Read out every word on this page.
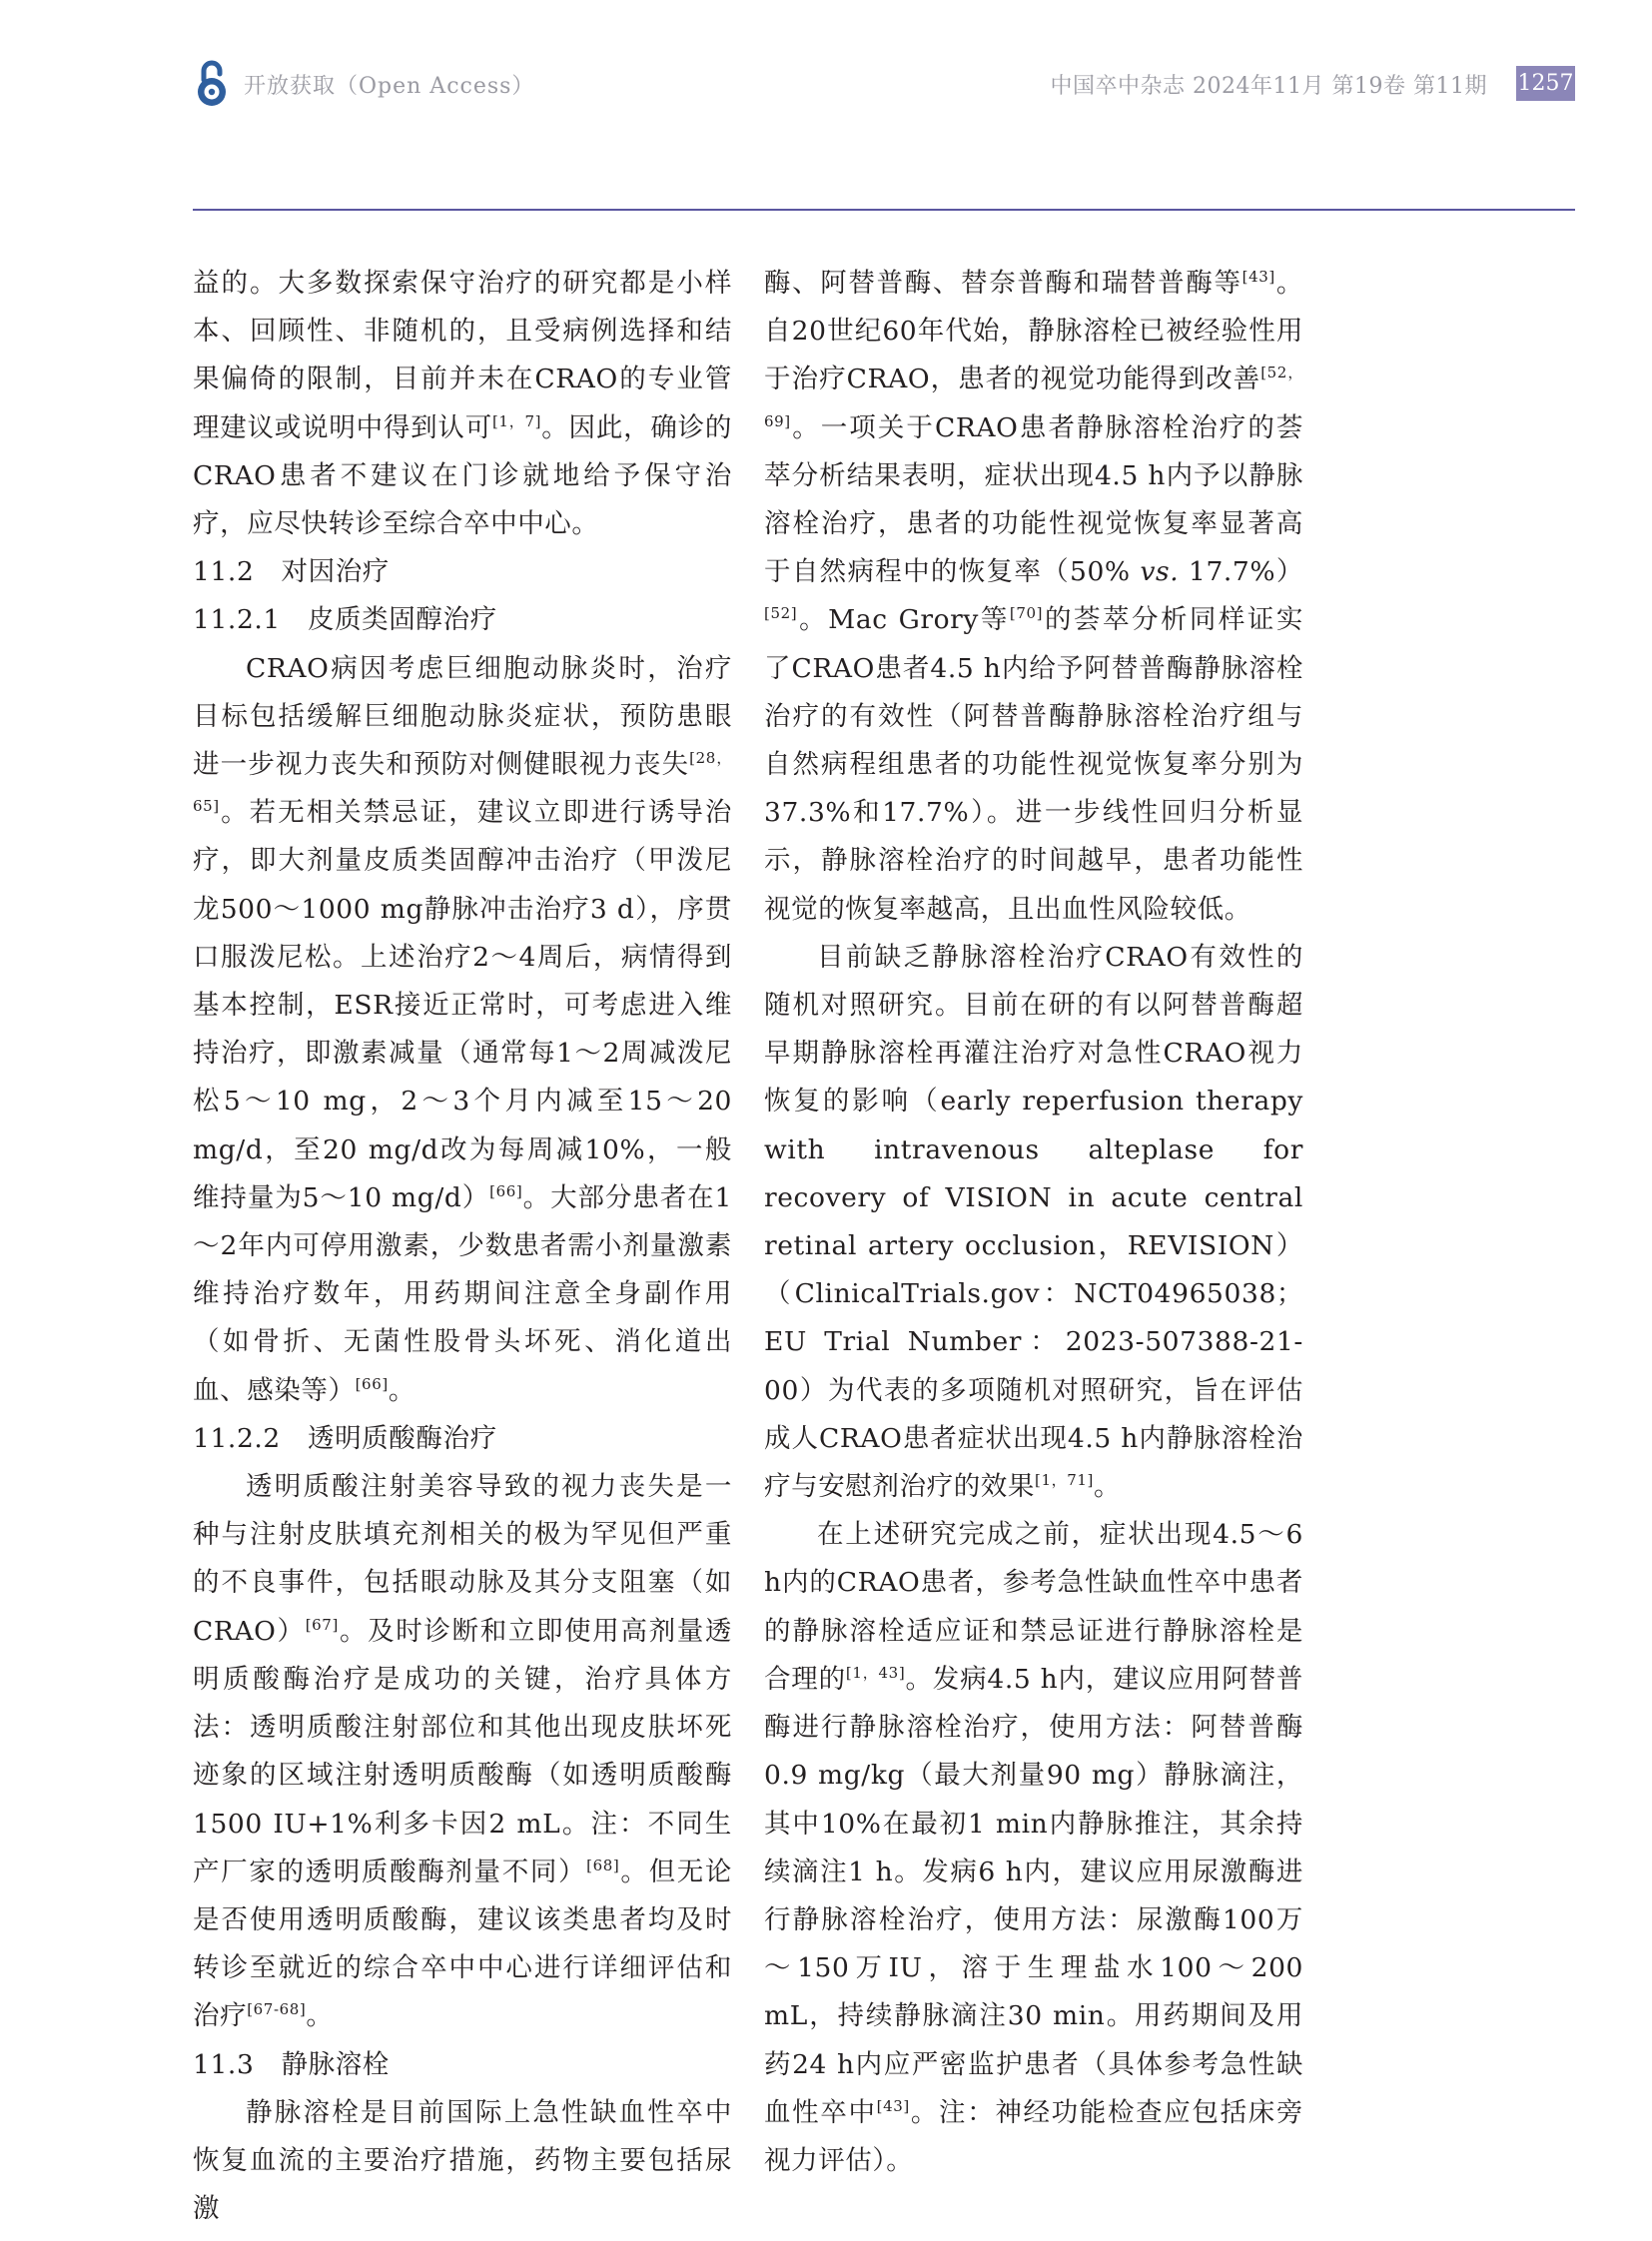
开放获取（Open Access）	中国卒中杂志 2024年11月 第19卷 第11期 1257

益的。大多数探索保守治疗的研究都是小样本、回顾性、非随机的，且受病例选择和结果偏倚的限制，目前并未在CRAO的专业管理建议或说明中得到认可[1，7]。因此，确诊的CRAO患者不建议在门诊就地给予保守治疗，应尽快转诊至综合卒中中心。

11.2　对因治疗

11.2.1　皮质类固醇治疗

CRAO病因考虑巨细胞动脉炎时，治疗目标包括缓解巨细胞动脉炎症状，预防患眼进一步视力丧失和预防对侧健眼视力丧失[28，65]。若无相关禁忌证，建议立即进行诱导治疗，即大剂量皮质类固醇冲击治疗（甲泼尼龙500～1000 mg静脉冲击治疗3 d），序贯口服泼尼松。上述治疗2～4周后，病情得到基本控制，ESR接近正常时，可考虑进入维持治疗，即激素减量（通常每1～2周减泼尼松5～10 mg，2～3个月内减至15～20 mg/d，至20 mg/d改为每周减10%，一般维持量为5～10 mg/d）[66]。大部分患者在1～2年内可停用激素，少数患者需小剂量激素维持治疗数年，用药期间注意全身副作用（如骨折、无菌性股骨头坏死、消化道出血、感染等）[66]。

11.2.2　透明质酸酶治疗

透明质酸注射美容导致的视力丧失是一种与注射皮肤填充剂相关的极为罕见但严重的不良事件，包括眼动脉及其分支阻塞（如CRAO）[67]。及时诊断和立即使用高剂量透明质酸酶治疗是成功的关键，治疗具体方法：透明质酸注射部位和其他出现皮肤坏死迹象的区域注射透明质酸酶（如透明质酸酶1500 IU+1%利多卡因2 mL。注：不同生产厂家的透明质酸酶剂量不同）[68]。但无论是否使用透明质酸酶，建议该类患者均及时转诊至就近的综合卒中中心进行详细评估和治疗[67-68]。

11.3　静脉溶栓

静脉溶栓是目前国际上急性缺血性卒中恢复血流的主要治疗措施，药物主要包括尿激

酶、阿替普酶、替奈普酶和瑞替普酶等[43]。自20世纪60年代始，静脉溶栓已被经验性用于治疗CRAO，患者的视觉功能得到改善[52，69]。一项关于CRAO患者静脉溶栓治疗的荟萃分析结果表明，症状出现4.5 h内予以静脉溶栓治疗，患者的功能性视觉恢复率显著高于自然病程中的恢复率（50% vs. 17.7%）[52]。Mac Grory等[70]的荟萃分析同样证实了CRAO患者4.5 h内给予阿替普酶静脉溶栓治疗的有效性（阿替普酶静脉溶栓治疗组与自然病程组患者的功能性视觉恢复率分别为37.3%和17.7%）。进一步线性回归分析显示，静脉溶栓治疗的时间越早，患者功能性视觉的恢复率越高，且出血性风险较低。

目前缺乏静脉溶栓治疗CRAO有效性的随机对照研究。目前在研的有以阿替普酶超早期静脉溶栓再灌注治疗对急性CRAO视力恢复的影响（early reperfusion therapy with intravenous alteplase for recovery of VISION in acute central retinal artery occlusion，REVISION）（ClinicalTrials.gov：NCT04965038；EU Trial Number：2023-507388-21-00）为代表的多项随机对照研究，旨在评估成人CRAO患者症状出现4.5 h内静脉溶栓治疗与安慰剂治疗的效果[1，71]。

在上述研究完成之前，症状出现4.5～6 h内的CRAO患者，参考急性缺血性卒中患者的静脉溶栓适应证和禁忌证进行静脉溶栓是合理的[1，43]。发病4.5 h内，建议应用阿替普酶进行静脉溶栓治疗，使用方法：阿替普酶0.9 mg/kg（最大剂量90 mg）静脉滴注，其中10%在最初1 min内静脉推注，其余持续滴注1 h。发病6 h内，建议应用尿激酶进行静脉溶栓治疗，使用方法：尿激酶100万～150万IU，溶于生理盐水100～200 mL，持续静脉滴注30 min。用药期间及用药24 h内应严密监护患者（具体参考急性缺血性卒中[43]。注：神经功能检查应包括床旁视力评估）。
